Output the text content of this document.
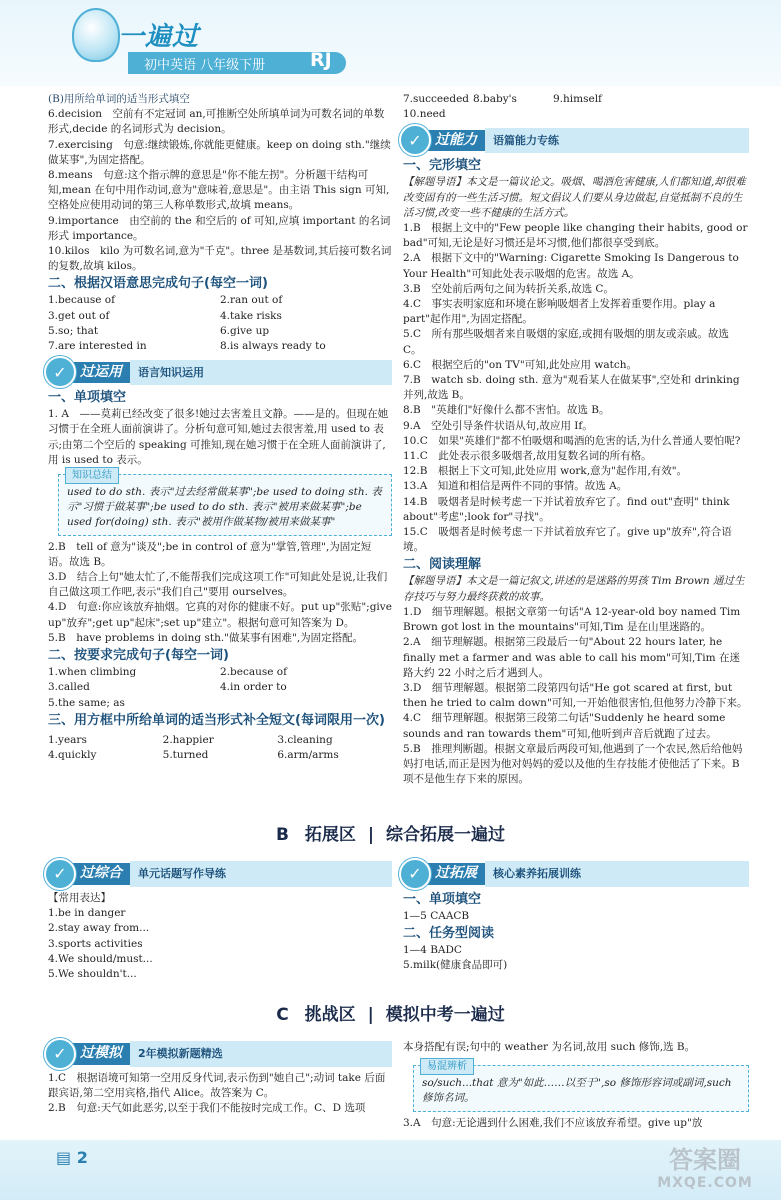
一遍过
初中英语 八年级下册 RJ

(B)用所给单词的适当形式填空

6.decision　空前有不定冠词 an,可推断空处所填单词为可数名词的单数形式,decide 的名词形式为 decision。

7.exercising　句意:继续锻炼,你就能更健康。keep on doing sth."继续做某事",为固定搭配。

8.means　句意:这个指示牌的意思是"你不能左拐"。分析题干结构可知,mean 在句中用作动词,意为"意味着,意思是"。由主语 This sign 可知,空格处应使用动词的第三人称单数形式,故填 means。

9.importance　由空前的 the 和空后的 of 可知,应填 important 的名词形式 importance。

10.kilos　kilo 为可数名词,意为"千克"。three 是基数词,其后接可数名词的复数,故填 kilos。

二、根据汉语意思完成句子(每空一词)

1.because of	2.ran out of

3.get out of	4.take risks

5.so; that	6.give up

7.are interested in	8.is always ready to

✓ 过运用	语言知识运用
一、单项填空

1. A　——莫莉已经改变了很多!她过去害羞且文静。——是的。但现在她习惯于在全班人面前演讲了。分析句意可知,她过去很害羞,用 used to 表示;由第二个空后的 speaking 可推知,现在她习惯于在全班人面前演讲了,用 is used to 表示。

知识总结

used to do sth. 表示"过去经常做某事";be used to doing sth. 表示"习惯于做某事";be used to do sth. 表示"被用来做某事";be used for(doing) sth. 表示"被用作做某物/被用来做某事"

2.B　tell of 意为"谈及";be in control of 意为"掌管,管理",为固定短语。故选 B。

3.D　结合上句"她太忙了,不能帮我们完成这项工作"可知此处是说,让我们自己做这项工作吧,表示"我们自己"要用 ourselves。

4.D　句意:你应该放弃抽烟。它真的对你的健康不好。put up"张贴";give up"放弃";get up"起床";set up"建立"。根据句意可知答案为 D。

5.B　have problems in doing sth."做某事有困难",为固定搭配。

二、按要求完成句子(每空一词)

1.when climbing	2.because of

3.called	4.in order to

5.the same; as

三、用方框中所给单词的适当形式补全短文(每词限用一次)

1.years	2.happier	3.cleaning

4.quickly	5.turned	6.arm/arms

7.succeeded 8.baby's	9.himself

10.need

✓ 过能力	语篇能力专练
一、完形填空

【解题导语】本文是一篇议论文。吸烟、喝酒危害健康,人们都知道,却很难改变固有的一些生活习惯。短文倡议人们要从身边做起,自觉抵制不良的生活习惯,改变一些不健康的生活方式。

1.B　根据上文中的"Few people like changing their habits, good or bad"可知,无论是好习惯还是坏习惯,他们都很享受到底。

2.A　根据下文中的"Warning: Cigarette Smoking Is Dangerous to Your Health"可知此处表示吸烟的危害。故选 A。

3.B　空处前后两句之间为转折关系,故选 C。

4.C　事实表明家庭和环境在影响吸烟者上发挥着重要作用。play a part"起作用",为固定搭配。

5.C　所有那些吸烟者来自吸烟的家庭,或拥有吸烟的朋友或亲戚。故选 C。

6.C　根据空后的"on TV"可知,此处应用 watch。

7.B　watch sb. doing sth. 意为"观看某人在做某事",空处和 drinking 并列,故选 B。

8.B　"英雄们"好像什么都不害怕。故选 B。

9.A　空处引导条件状语从句,故应用 If。

10.C　如果"英雄们"都不怕吸烟和喝酒的危害的话,为什么普通人要怕呢?

11.C　此处表示很多吸烟者,故用复数名词的所有格。

12.B　根据上下文可知,此处应用 work,意为"起作用,有效"。

13.A　知道和相信是两件不同的事情。故选 A。

14.B　吸烟者是时候考虑一下并试着放弃它了。find out"查明" think about"考虑";look for"寻找"。

15.C　吸烟者是时候考虑一下并试着放弃它了。give up"放弃",符合语境。

二、阅读理解

【解题导语】本文是一篇记叙文,讲述的是迷路的男孩 Tim Brown 通过生存技巧与努力最终获救的故事。

1.D　细节理解题。根据文章第一句话"A 12-year-old boy named Tim Brown got lost in the mountains"可知,Tim 是在山里迷路的。

2.A　细节理解题。根据第三段最后一句"About 22 hours later, he finally met a farmer and was able to call his mom"可知,Tim 在迷路大约 22 小时之后才遇到人。

3.D　细节理解题。根据第二段第四句话"He got scared at first, but then he tried to calm down"可知,一开始他很害怕,但他努力冷静下来。

4.C　细节理解题。根据第三段第二句话"Suddenly he heard some sounds and ran towards them"可知,他听到声音后就跑了过去。

5.B　推理判断题。根据文章最后两段可知,他遇到了一个农民,然后给他妈妈打电话,而正是因为他对妈妈的爱以及他的生存技能才使他活了下来。B 项不是他生存下来的原因。

B 拓展区 | 综合拓展一遍过
✓ 过综合	单元话题写作导练

【常用表达】

1.be in danger

2.stay away from...

3.sports activities

4.We should/must...

5.We shouldn't...

✓ 过拓展	核心素养拓展训练
一、单项填空

1—5 CAACB

二、任务型阅读

1—4 BADC

5.milk(健康食品即可)

C 挑战区 | 模拟中考一遍过
✓ 过模拟	2年模拟新题精选

1.C　根据语境可知第一空用反身代词,表示伤到"她自己";动词 take 后面跟宾语,第二空用宾格,指代 Alice。故答案为 C。

2.B　句意:天气如此恶劣,以至于我们不能按时完成工作。C、D 选项

本身搭配有误;句中的 weather 为名词,故用 such 修饰,选 B。

易混辨析

so/such...that 意为"如此……以至于",so 修饰形容词或副词,such 修饰名词。

3.A　句意:无论遇到什么困难,我们不应该放弃希望。give up"放

▤ 2	答案圈
MXQE.COM
